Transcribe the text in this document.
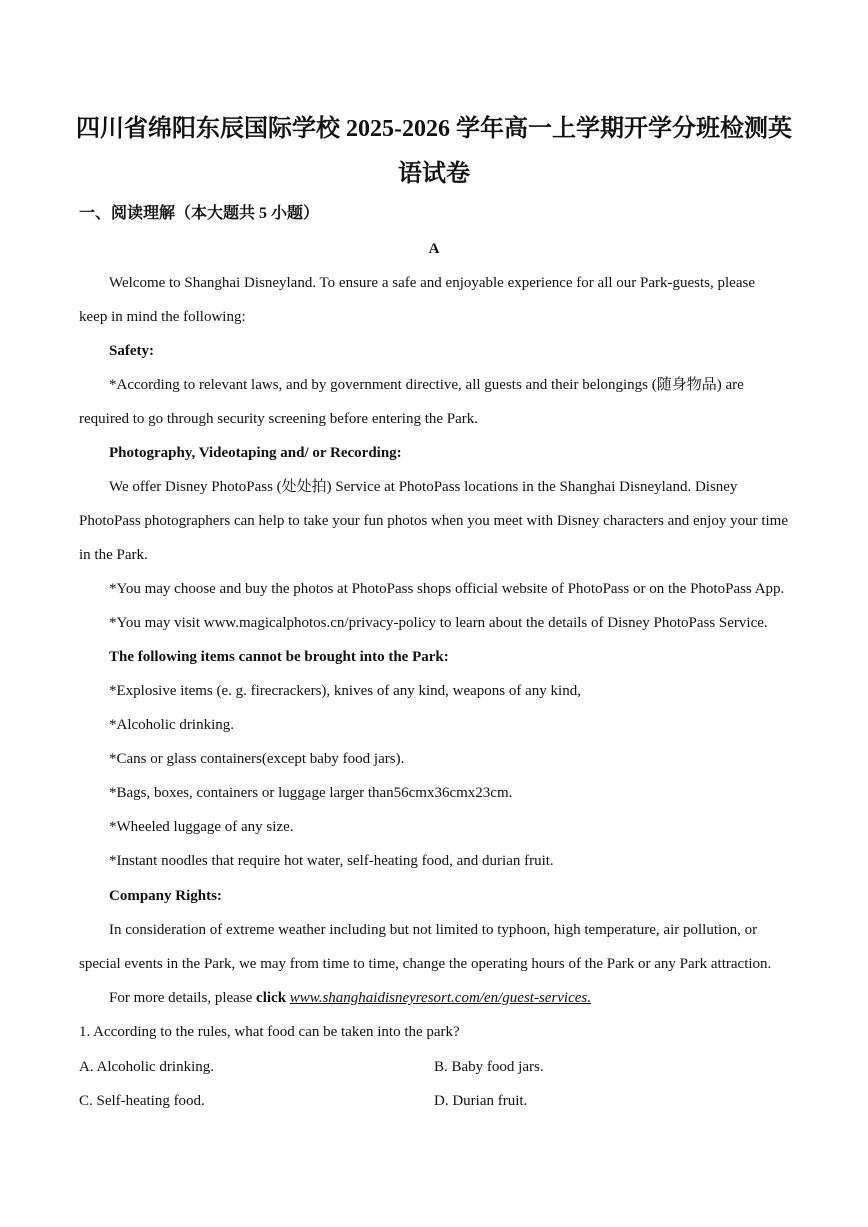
四川省绵阳东辰国际学校 2025-2026 学年高一上学期开学分班检测英
语试卷
一、阅读理解（本大题共 5 小题）
A
Welcome to Shanghai Disneyland. To ensure a safe and enjoyable experience for all our Park-guests, please
keep in mind the following:
Safety:
*According to relevant laws, and by government directive, all guests and their belongings (随身物品) are
required to go through security screening before entering the Park.
Photography, Videotaping and/ or Recording:
We offer Disney PhotoPass (处处拍) Service at PhotoPass locations in the Shanghai Disneyland. Disney
PhotoPass photographers can help to take your fun photos when you meet with Disney characters and enjoy your time
in the Park.
*You may choose and buy the photos at PhotoPass shops official website of PhotoPass or on the PhotoPass App.
*You may visit www.magicalphotos.cn/privacy-policy to learn about the details of Disney PhotoPass Service.
The following items cannot be brought into the Park:
*Explosive items (e. g. firecrackers), knives of any kind, weapons of any kind,
*Alcoholic drinking.
*Cans or glass containers(except baby food jars).
*Bags, boxes, containers or luggage larger than56cmx36cmx23cm.
*Wheeled luggage of any size.
*Instant noodles that require hot water, self-heating food, and durian fruit.
Company Rights:
In consideration of extreme weather including but not limited to typhoon, high temperature, air pollution, or
special events in the Park, we may from time to time, change the operating hours of the Park or any Park attraction.
For more details, please click www.shanghaidisneyresort.com/en/guest-services.
1. According to the rules, what food can be taken into the park?
A. Alcoholic drinking.	B. Baby food jars.
C. Self-heating food.	D. Durian fruit.
